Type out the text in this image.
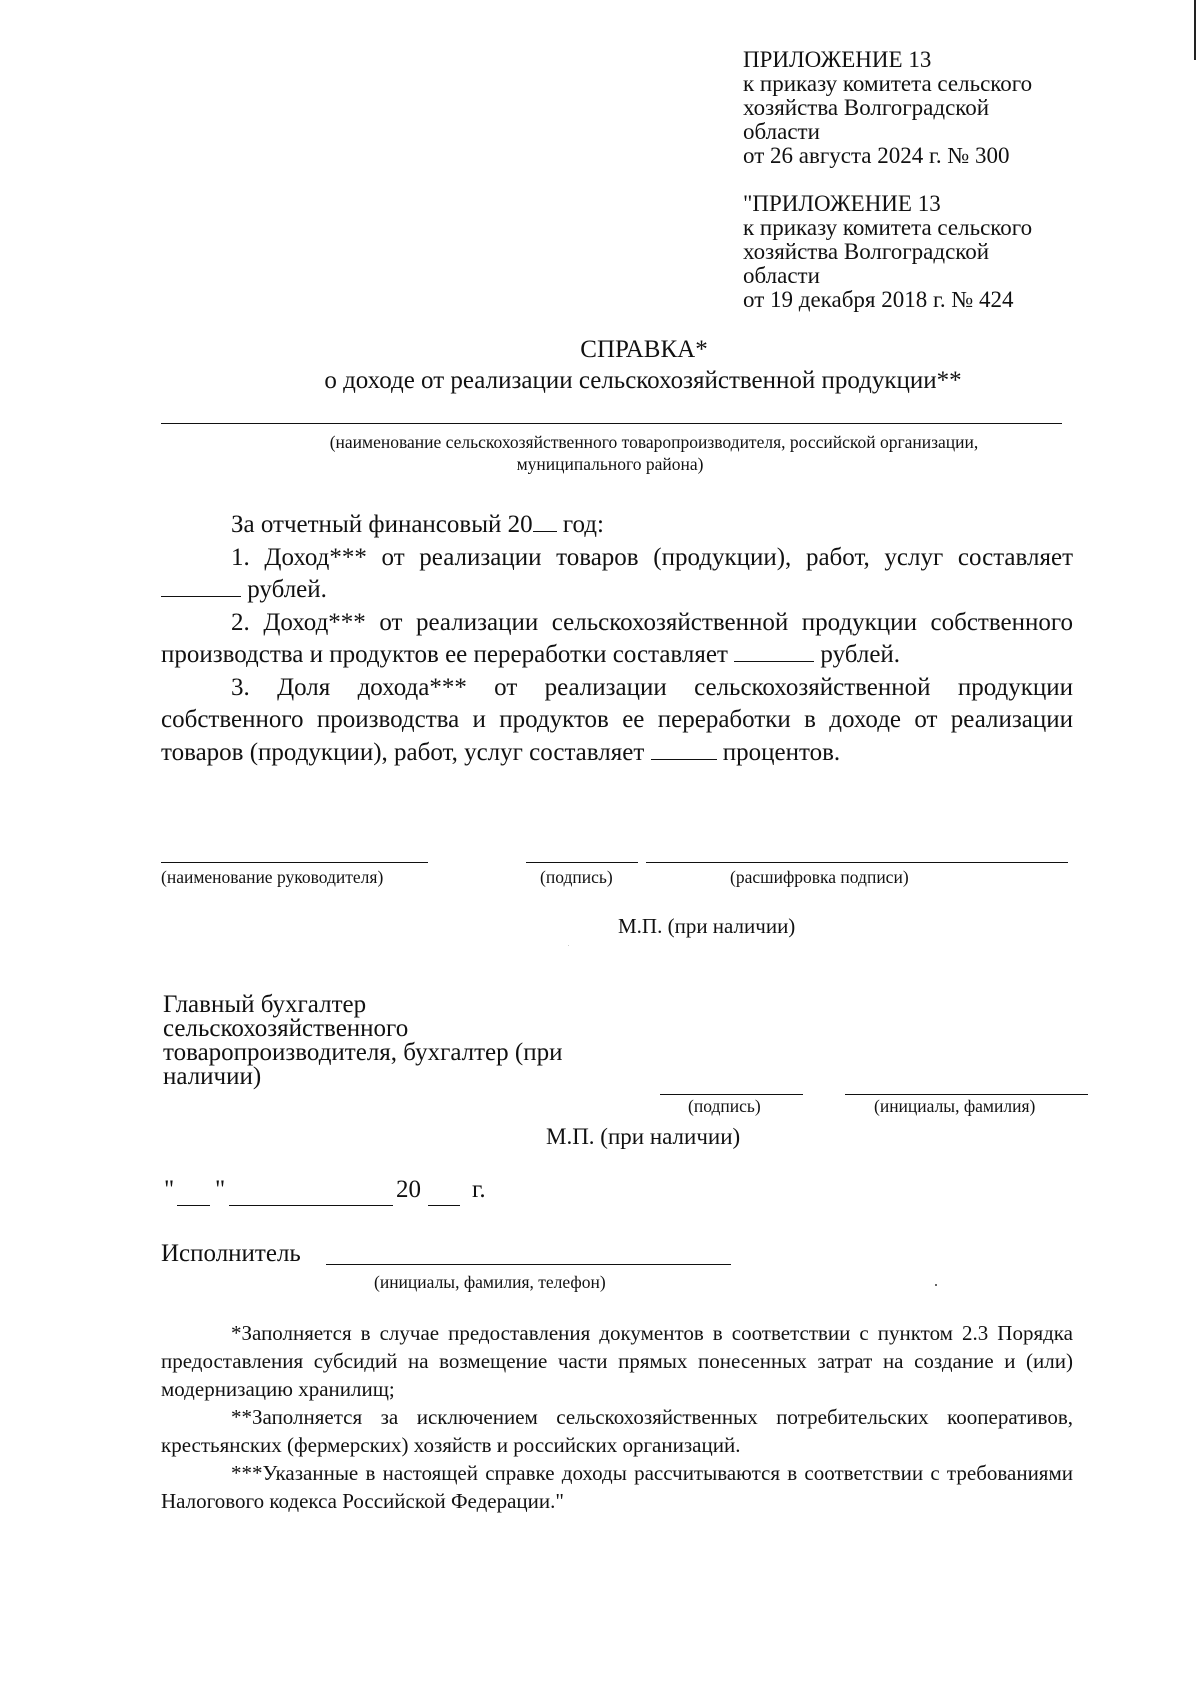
ПРИЛОЖЕНИЕ 13
к приказу комитета сельского
хозяйства Волгоградской
области
от 26 августа 2024 г. № 300
"ПРИЛОЖЕНИЕ 13
к приказу комитета сельского
хозяйства Волгоградской
области
от 19 декабря 2018 г. № 424
СПРАВКА*
о доходе от реализации сельскохозяйственной продукции**
(наименование сельскохозяйственного товаропроизводителя, российской организации,
муниципального района)

За отчетный финансовый 20 год:

1. Доход*** от реализации товаров (продукции), работ, услуг составляет  рублей.

2. Доход*** от реализации сельскохозяйственной продукции собственного производства и продуктов ее переработки составляет	рублей.

3. Доля дохода*** от реализации сельскохозяйственной продукции собственного производства и продуктов ее переработки в доходе от реализации товаров (продукции), работ, услуг составляет	процентов.

(наименование руководителя)	(подпись)	(расшифровка подписи)
М.П. (при наличии)
Главный бухгалтер
сельскохозяйственного
товаропроизводителя, бухгалтер (при
наличии)
(подпись)	(инициалы, фамилия)
М.П. (при наличии)
" "	20 г.
Исполнитель
(инициалы, фамилия, телефон)

*Заполняется в случае предоставления документов в соответствии с пунктом 2.3 Порядка предоставления субсидий на возмещение части прямых понесенных затрат на создание и (или) модернизацию хранилищ;

**Заполняется за исключением сельскохозяйственных потребительских кооперативов, крестьянских (фермерских) хозяйств и российских организаций.

***Указанные в настоящей справке доходы рассчитываются в соответствии с требованиями Налогового кодекса Российской Федерации."
